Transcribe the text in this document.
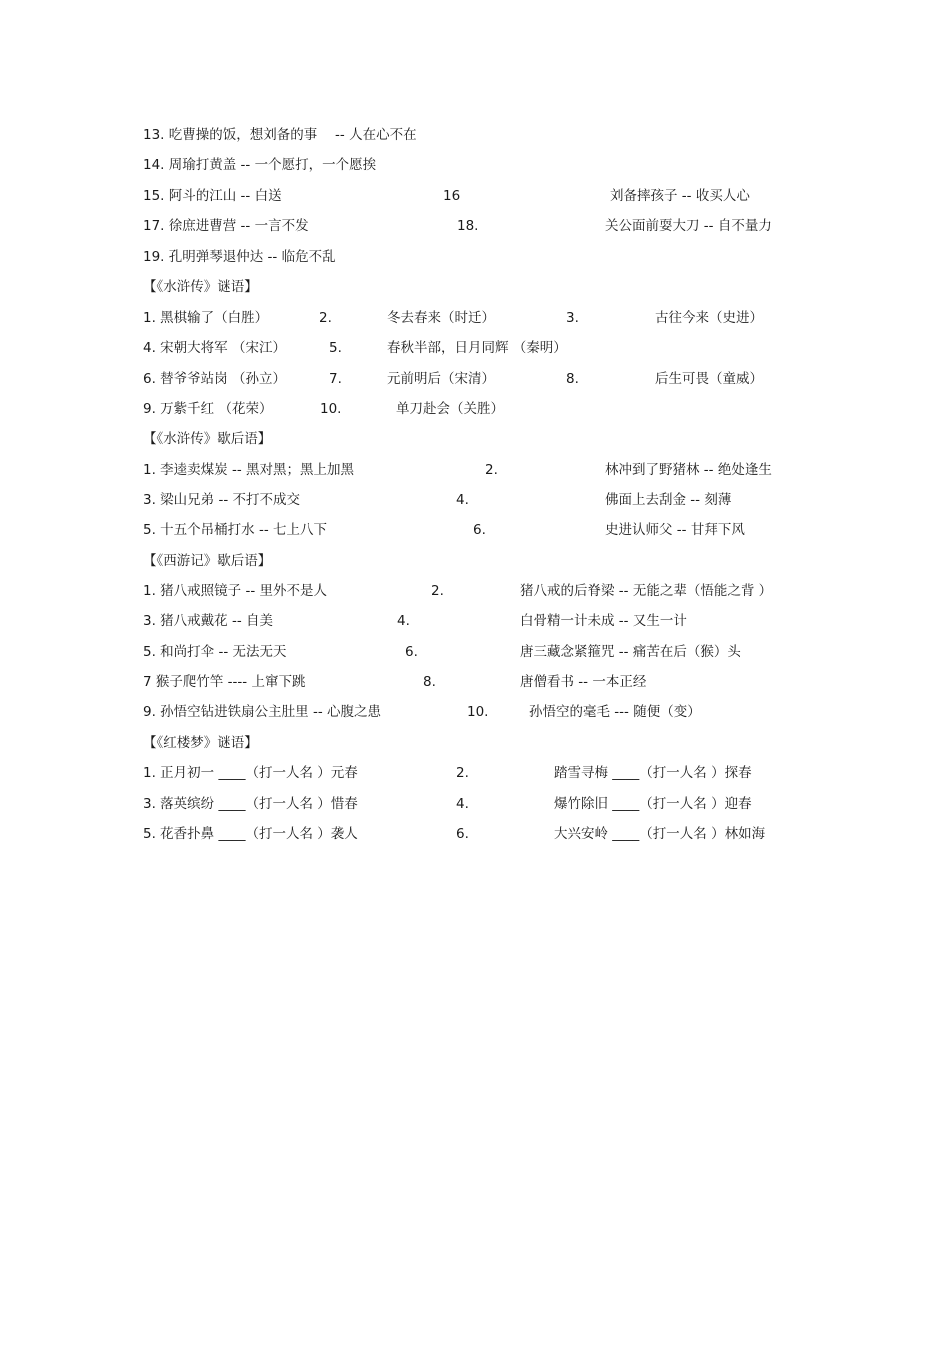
13. 吃曹操的饭，想刘备的事　 -- 人在心不在
14. 周瑜打黄盖 -- 一个愿打，一个愿挨
15. 阿斗的江山 -- 白送	16	刘备摔孩子 -- 收买人心
17. 徐庶进曹营 -- 一言不发	18.	关公面前耍大刀 -- 自不量力
19. 孔明弹琴退仲达 -- 临危不乱
【《水浒传》谜语】
1. 黑棋输了（白胜）	2.	冬去春来（时迁）	3.	古往今来（史进）
4. 宋朝大将军 （宋江）	5.	春秋半部，日月同辉 （秦明）
6. 替爷爷站岗 （孙立）	7.	元前明后（宋清）	8.	后生可畏（童威）
9. 万紫千红 （花荣）	10.	单刀赴会（关胜）
【《水浒传》歇后语】
1. 李逵卖煤炭 -- 黑对黑；黑上加黑	2.	林冲到了野猪林 -- 绝处逢生
3. 梁山兄弟 -- 不打不成交	4.	佛面上去刮金 -- 刻薄
5. 十五个吊桶打水 -- 七上八下	6.	史进认师父 -- 甘拜下风
【《西游记》歇后语】
1. 猪八戒照镜子 -- 里外不是人	2.	猪八戒的后脊梁 -- 无能之辈（悟能之背 ）
3. 猪八戒戴花 -- 自美	4.	白骨精一计未成 -- 又生一计
5. 和尚打伞 -- 无法无天	6.	唐三藏念紧箍咒 -- 痛苦在后（猴）头
7 猴子爬竹竿 ---- 上窜下跳	8.	唐僧看书 -- 一本正经
9. 孙悟空钻进铁扇公主肚里 -- 心腹之患	10.	孙悟空的毫毛 --- 随便（变）
【《红楼梦》谜语】
1. 正月初一 ____（打一人名 ）元春	2.	踏雪寻梅 ____（打一人名 ）探春
3. 落英缤纷 ____（打一人名 ）惜春	4.	爆竹除旧 ____（打一人名 ）迎春
5. 花香扑鼻 ____（打一人名 ）袭人	6.	大兴安岭 ____（打一人名 ）林如海
